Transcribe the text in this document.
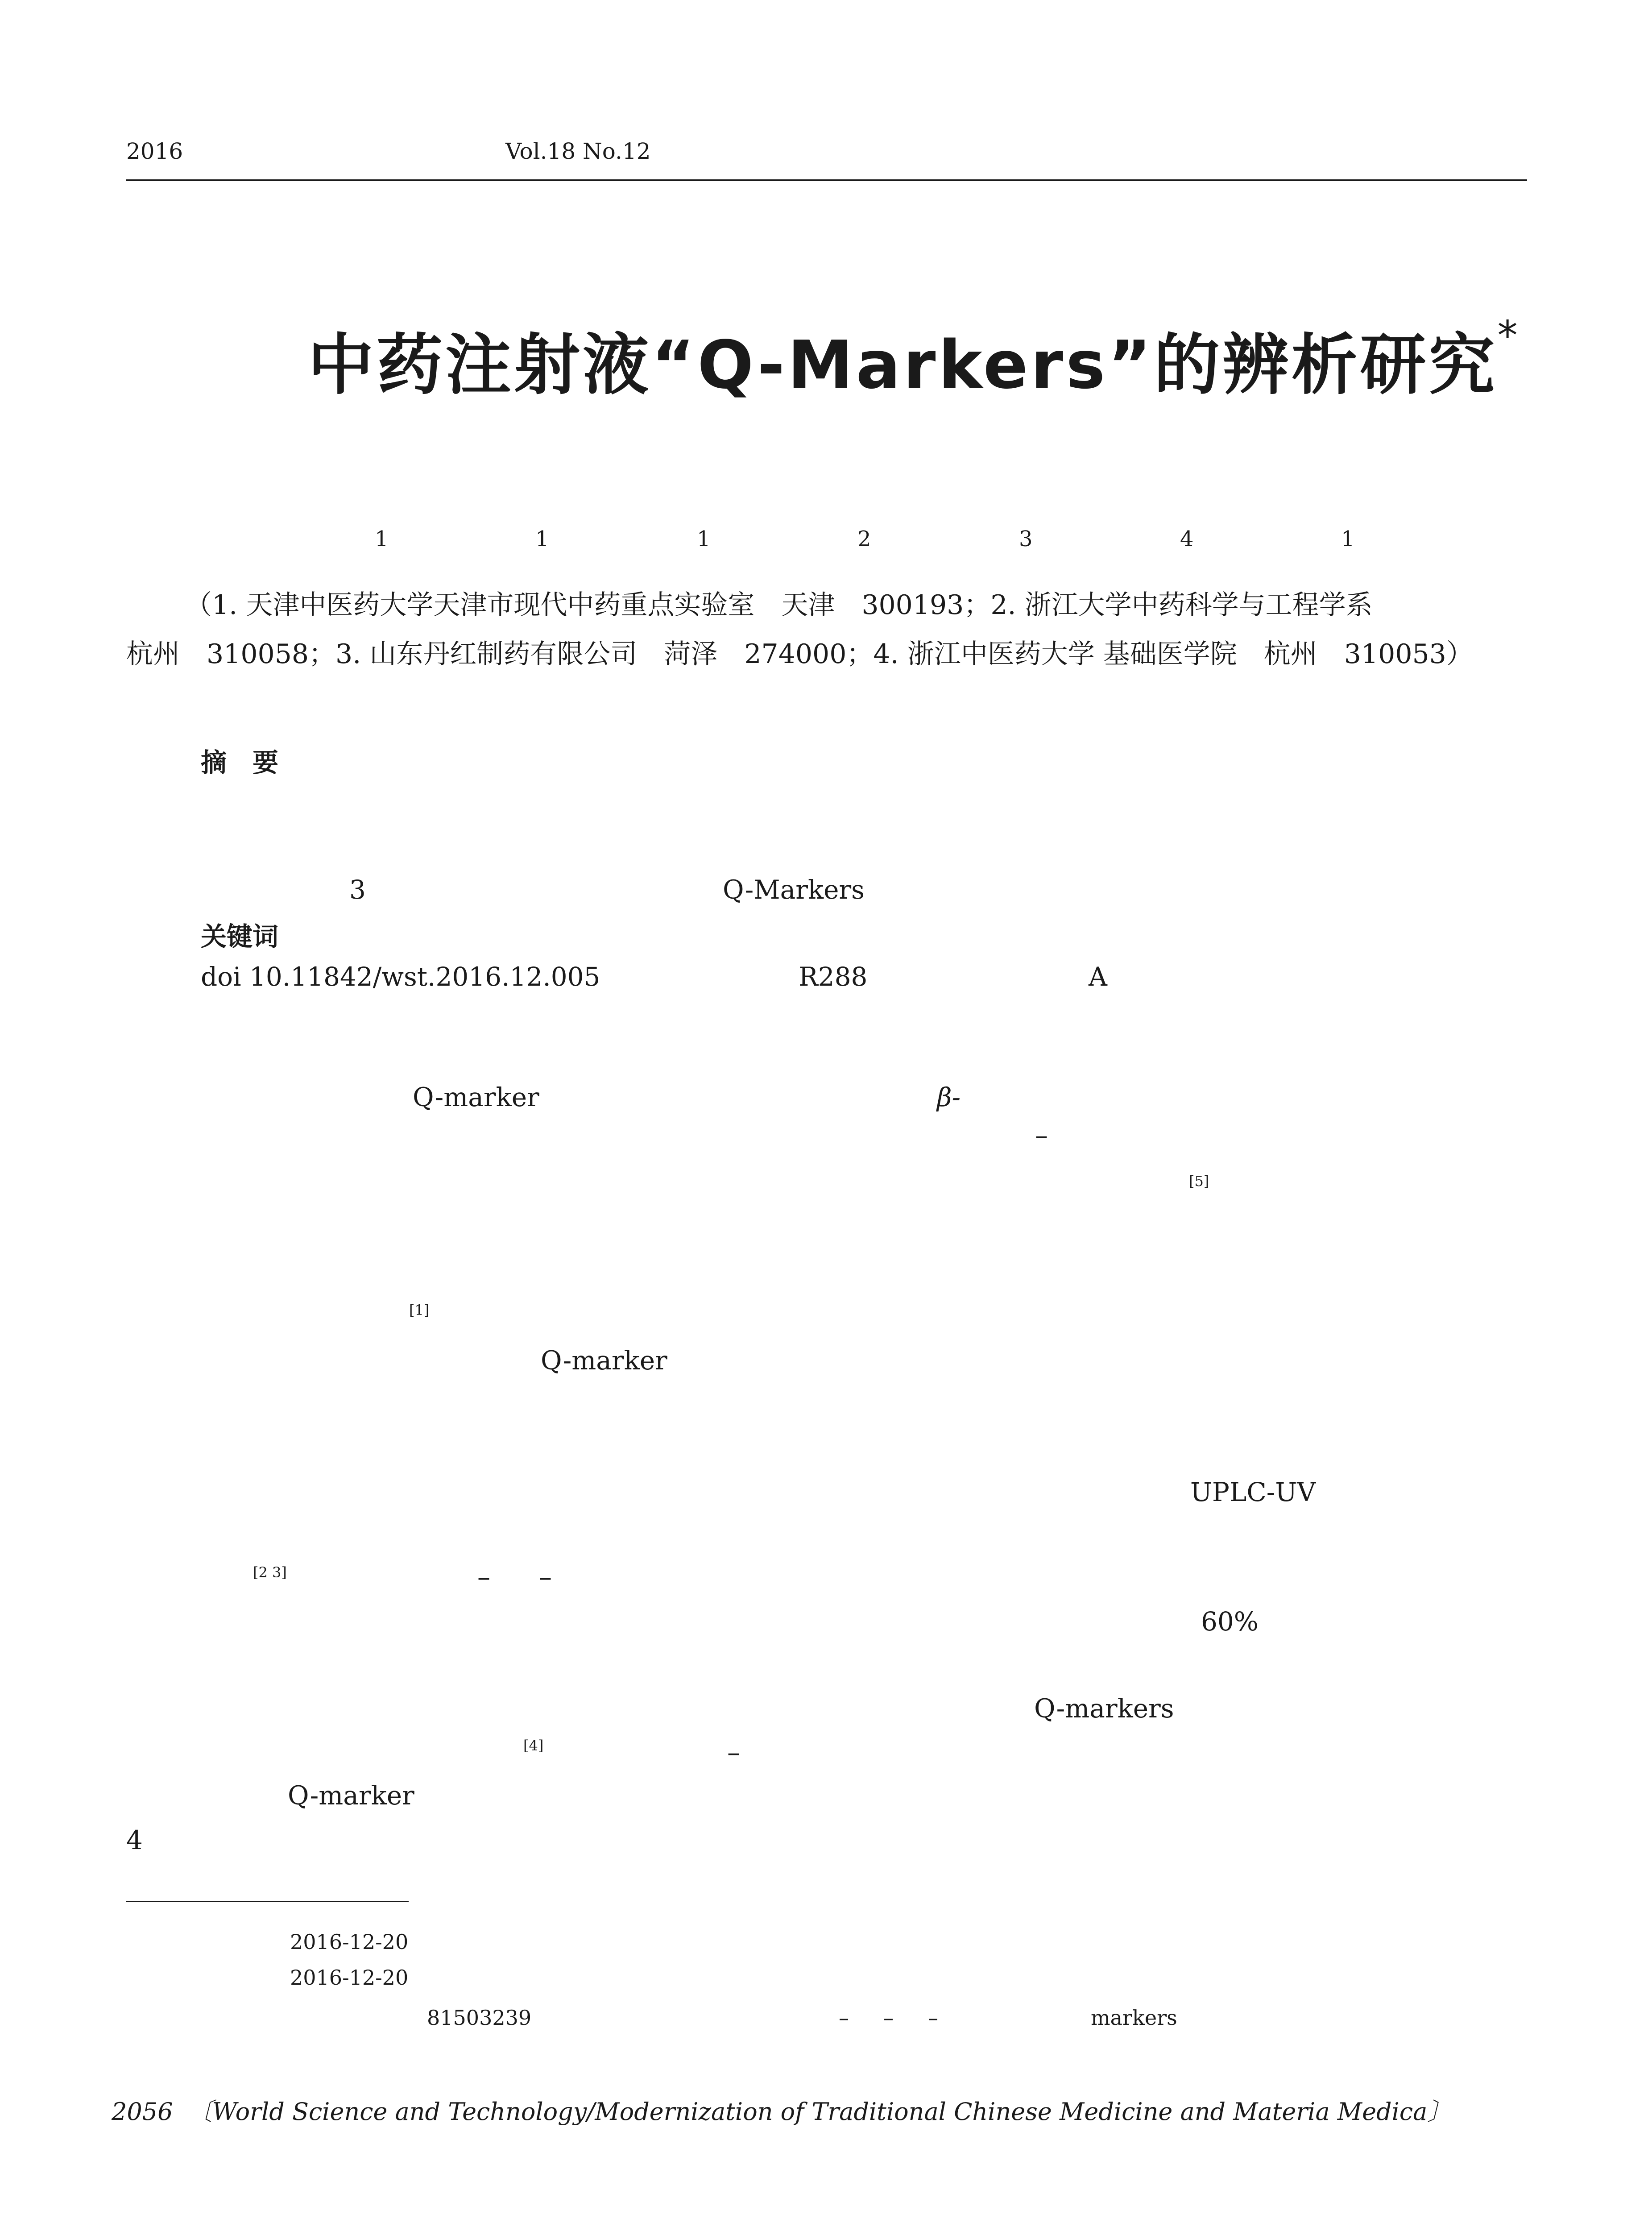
2016	Vol.18 No.12
中药注射液“Q-Markers”的辨析研究*
1	1	1	2	3	4	1
（1. 天津中医药大学天津市现代中药重点实验室　天津　300193；2. 浙江大学中药科学与工程学系
杭州　310058；3. 山东丹红制药有限公司　菏泽　274000；4. 浙江中医药大学 基础医学院　杭州　310053）
摘　要
3	Q-Markers
关键词
doi 10.11842/wst.2016.12.005	R288	A
Q-marker	β-
–
[5]
[1]
Q-marker
UPLC-UV
[2 3]	– –
60%
Q-markers
[4]	–
Q-marker
4
2016-12-20
2016-12-20
81503239	– – –	markers
2056 〔World Science and Technology/Modernization of Traditional Chinese Medicine and Materia Medica〕
